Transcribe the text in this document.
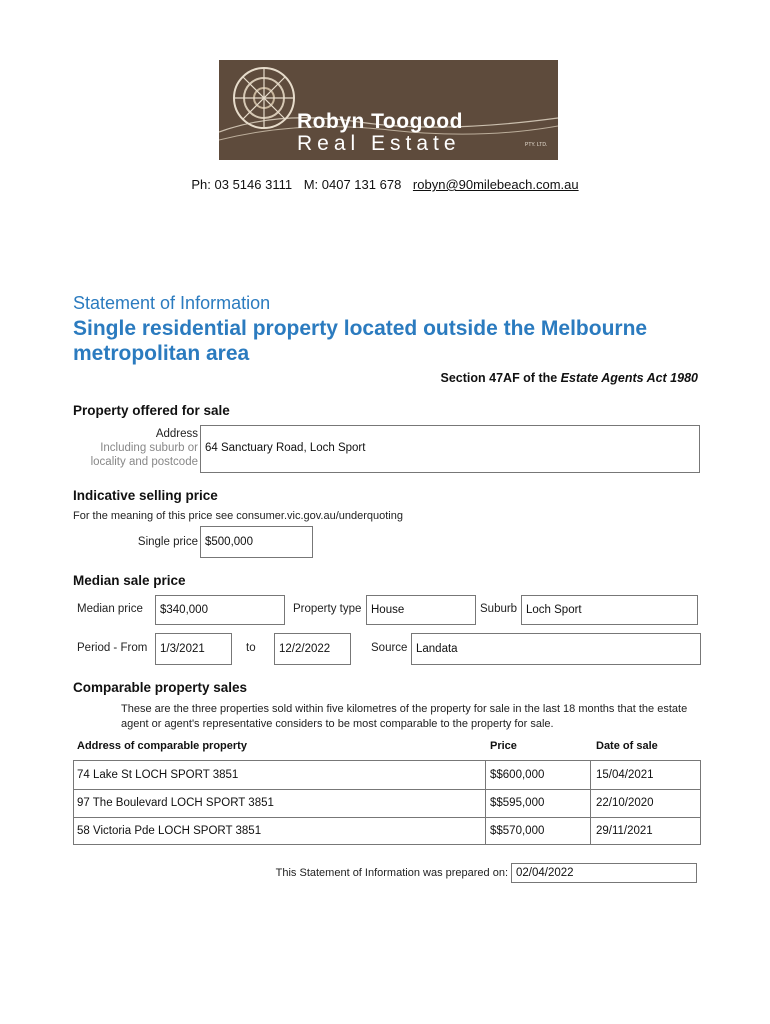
Robyn Toogood
Real Estate	PTY. LTD.
Ph: 03 5146 3111 M: 0407 131 678 robyn@90milebeach.com.au
Statement of Information
Single residential property located outside the Melbourne metropolitan area
Section 47AF of the Estate Agents Act 1980
Property offered for sale
Address
Including suburb or
locality and postcode
64 Sanctuary Road, Loch Sport
Indicative selling price
For the meaning of this price see consumer.vic.gov.au/underquoting
Single price $500,000
Median sale price
Median price $340,000	Property type House	Suburb Loch Sport
Period - From 1/3/2021	to 12/2/2022	Source Landata
Comparable property sales
These are the three properties sold within five kilometres of the property for sale in the last 18 months that the estate agent or agent's representative considers to be most comparable to the property for sale.
Address of comparable property	Price	Date of sale
74 Lake St LOCH SPORT 3851	$$600,000	15/04/2021
97 The Boulevard LOCH SPORT 3851	$$595,000	22/10/2020
58 Victoria Pde LOCH SPORT 3851	$$570,000	29/11/2021
This Statement of Information was prepared on: 02/04/2022
